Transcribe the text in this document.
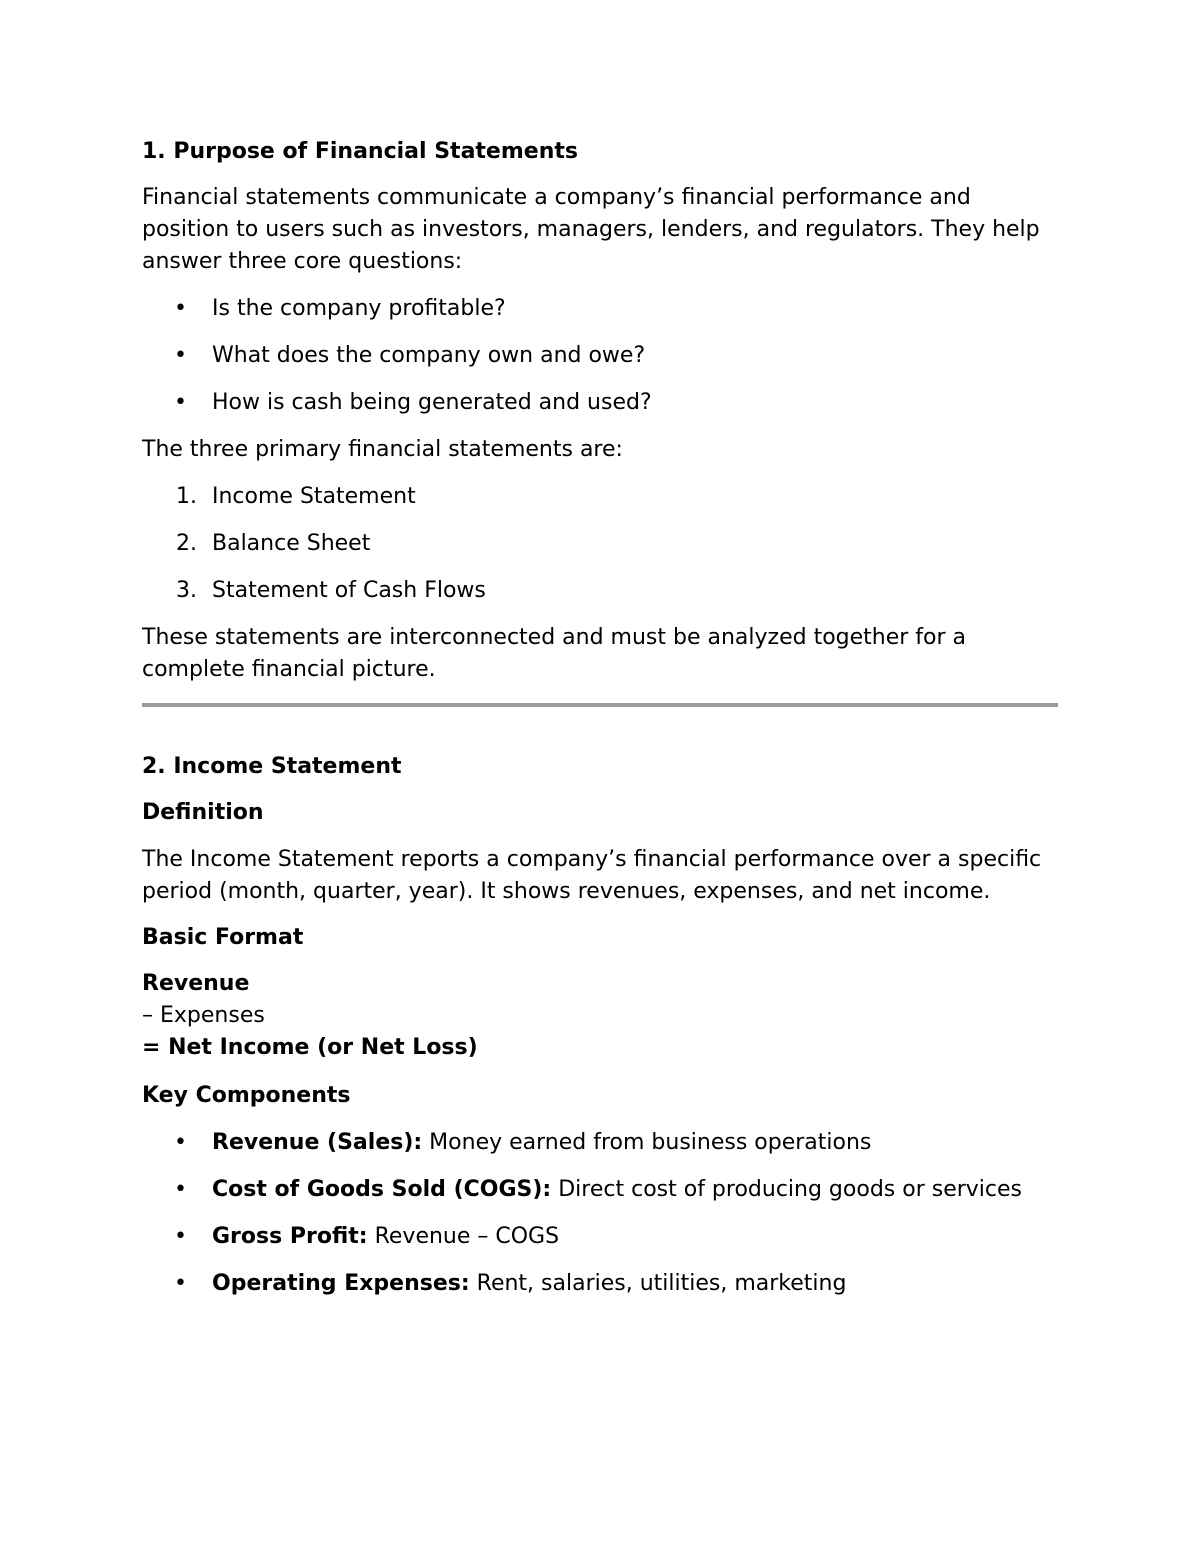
1. Purpose of Financial Statements

Financial statements communicate a company’s financial performance and position to users such as investors, managers, lenders, and regulators. They help answer three core questions:

• Is the company profitable?
• What does the company own and owe?
• How is cash being generated and used?

The three primary financial statements are:

1. Income Statement
2. Balance Sheet
3. Statement of Cash Flows

These statements are interconnected and must be analyzed together for a complete financial picture.

2. Income Statement

Definition

The Income Statement reports a company’s financial performance over a specific period (month, quarter, year). It shows revenues, expenses, and net income.

Basic Format

Revenue

– Expenses

= Net Income (or Net Loss)

Key Components

• Revenue (Sales): Money earned from business operations
• Cost of Goods Sold (COGS): Direct cost of producing goods or services
• Gross Profit: Revenue – COGS
• Operating Expenses: Rent, salaries, utilities, marketing
